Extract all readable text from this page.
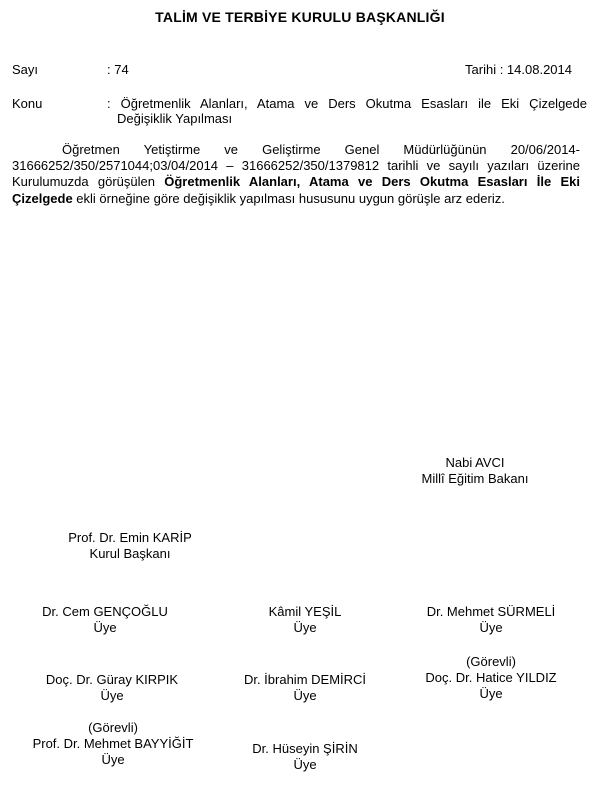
TALİM VE TERBİYE KURULU BAŞKANLIĞI
Sayı	: 74	Tarihi : 14.08.2014
Konu	: Öğretmenlik Alanları, Atama ve Ders Okutma Esasları ile Eki Çizelgede
Değişiklik Yapılması
Öğretmen Yetiştirme ve Geliştirme Genel Müdürlüğünün 20/06/2014-31666252/350/2571044;03/04/2014 – 31666252/350/1379812 tarihli ve sayılı yazıları üzerine Kurulumuzda görüşülen Öğretmenlik Alanları, Atama ve Ders Okutma Esasları İle Eki Çizelgede ekli örneğine göre değişiklik yapılması hususunu uygun görüşle arz ederiz.
Nabi AVCI
Millî Eğitim Bakanı
Prof. Dr. Emin KARİP
Kurul Başkanı
Dr. Cem GENÇOĞLU
Üye
Kâmil YEŞİL
Üye
Dr. Mehmet SÜRMELİ
Üye
Doç. Dr. Güray KIRPIK
Üye
Dr. İbrahim DEMİRCİ
Üye
(Görevli)
Doç. Dr. Hatice YILDIZ
Üye
(Görevli)
Prof. Dr. Mehmet BAYYİĞİT
Üye
Dr. Hüseyin ŞİRİN
Üye
